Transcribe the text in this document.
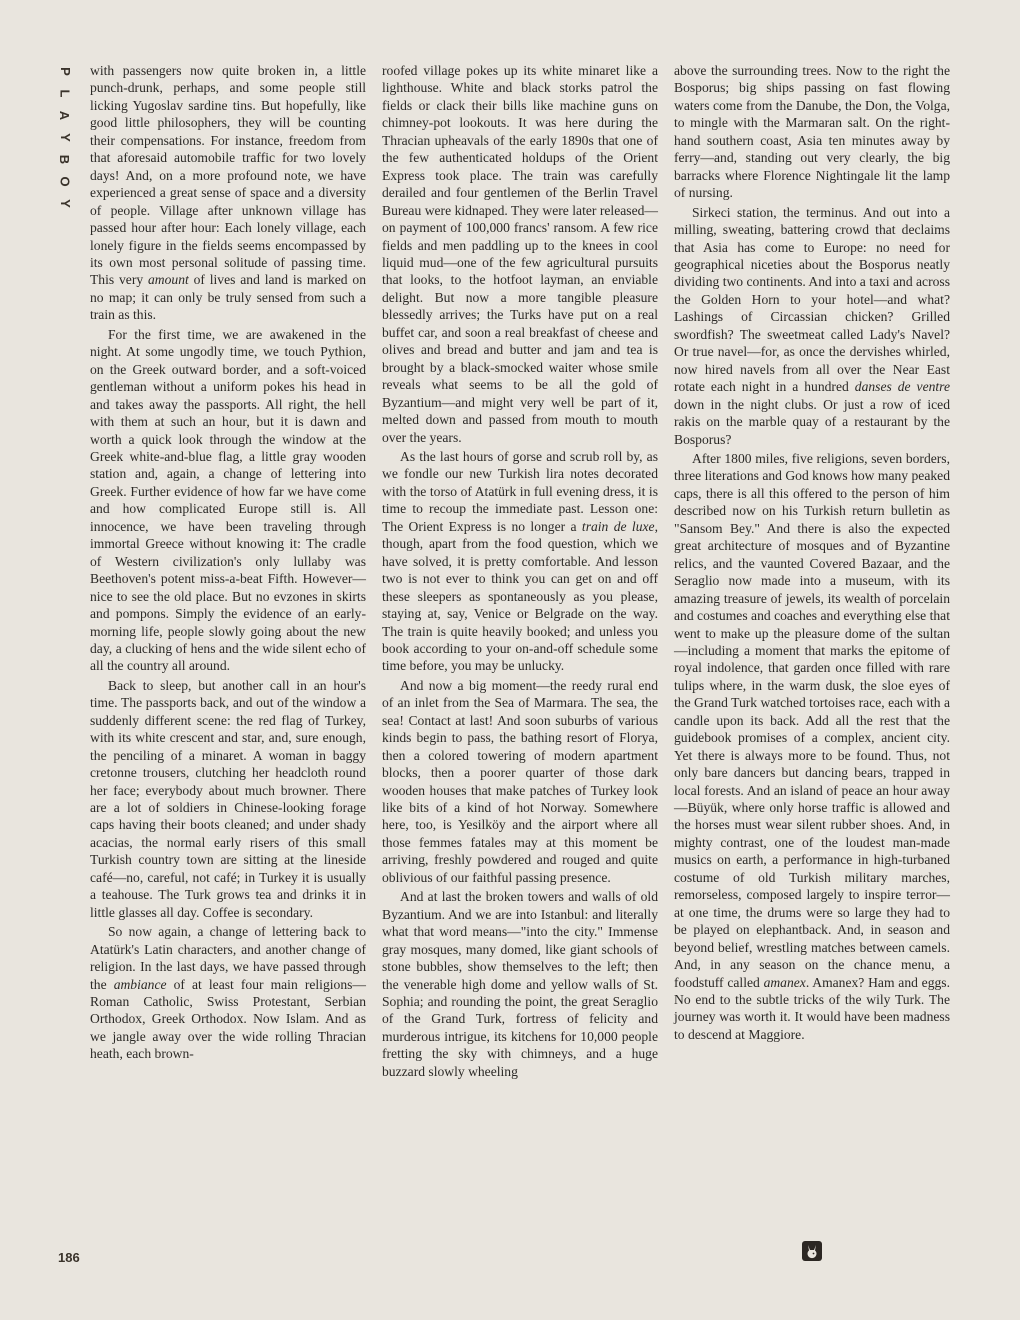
P
L
A
Y
B
O
Y

with passengers now quite broken in, a little punch-drunk, perhaps, and some people still licking Yugoslav sardine tins. But hopefully, like good little philosophers, they will be counting their compensations. For instance, freedom from that aforesaid automobile traffic for two lovely days! And, on a more profound note, we have experienced a great sense of space and a diversity of people. Village after unknown village has passed hour after hour: Each lonely village, each lonely figure in the fields seems encompassed by its own most personal solitude of passing time. This very amount of lives and land is marked on no map; it can only be truly sensed from such a train as this.

For the first time, we are awakened in the night. At some ungodly time, we touch Pythion, on the Greek outward border, and a soft-voiced gentleman without a uniform pokes his head in and takes away the passports. All right, the hell with them at such an hour, but it is dawn and worth a quick look through the window at the Greek white-and-blue flag, a little gray wooden station and, again, a change of lettering into Greek. Further evidence of how far we have come and how complicated Europe still is. All innocence, we have been traveling through immortal Greece without knowing it: The cradle of Western civilization's only lullaby was Beethoven's potent miss-a-beat Fifth. However—nice to see the old place. But no evzones in skirts and pompons. Simply the evidence of an early-morning life, people slowly going about the new day, a clucking of hens and the wide silent echo of all the country all around.

Back to sleep, but another call in an hour's time. The passports back, and out of the window a suddenly different scene: the red flag of Turkey, with its white crescent and star, and, sure enough, the penciling of a minaret. A woman in baggy cretonne trousers, clutching her headcloth round her face; everybody about much browner. There are a lot of soldiers in Chinese-looking forage caps having their boots cleaned; and under shady acacias, the normal early risers of this small Turkish country town are sitting at the lineside café—no, careful, not café; in Turkey it is usually a teahouse. The Turk grows tea and drinks it in little glasses all day. Coffee is secondary.

So now again, a change of lettering back to Atatürk's Latin characters, and another change of religion. In the last days, we have passed through the ambiance of at least four main religions—Roman Catholic, Swiss Protestant, Serbian Orthodox, Greek Orthodox. Now Islam. And as we jangle away over the wide rolling Thracian heath, each brown-

roofed village pokes up its white minaret like a lighthouse. White and black storks patrol the fields or clack their bills like machine guns on chimney-pot lookouts. It was here during the Thracian upheavals of the early 1890s that one of the few authenticated holdups of the Orient Express took place. The train was carefully derailed and four gentlemen of the Berlin Travel Bureau were kidnaped. They were later released—on payment of 100,000 francs' ransom. A few rice fields and men paddling up to the knees in cool liquid mud—one of the few agricultural pursuits that looks, to the hotfoot layman, an enviable delight. But now a more tangible pleasure blessedly arrives; the Turks have put on a real buffet car, and soon a real breakfast of cheese and olives and bread and butter and jam and tea is brought by a black-smocked waiter whose smile reveals what seems to be all the gold of Byzantium—and might very well be part of it, melted down and passed from mouth to mouth over the years.

As the last hours of gorse and scrub roll by, as we fondle our new Turkish lira notes decorated with the torso of Atatürk in full evening dress, it is time to recoup the immediate past. Lesson one: The Orient Express is no longer a train de luxe, though, apart from the food question, which we have solved, it is pretty comfortable. And lesson two is not ever to think you can get on and off these sleepers as spontaneously as you please, staying at, say, Venice or Belgrade on the way. The train is quite heavily booked; and unless you book according to your on-and-off schedule some time before, you may be unlucky.

And now a big moment—the reedy rural end of an inlet from the Sea of Marmara. The sea, the sea! Contact at last! And soon suburbs of various kinds begin to pass, the bathing resort of Florya, then a colored towering of modern apartment blocks, then a poorer quarter of those dark wooden houses that make patches of Turkey look like bits of a kind of hot Norway. Somewhere here, too, is Yesilköy and the airport where all those femmes fatales may at this moment be arriving, freshly powdered and rouged and quite oblivious of our faithful passing presence.

And at last the broken towers and walls of old Byzantium. And we are into Istanbul: and literally what that word means—"into the city." Immense gray mosques, many domed, like giant schools of stone bubbles, show themselves to the left; then the venerable high dome and yellow walls of St. Sophia; and rounding the point, the great Seraglio of the Grand Turk, fortress of felicity and murderous intrigue, its kitchens for 10,000 people fretting the sky with chimneys, and a huge buzzard slowly wheeling

above the surrounding trees. Now to the right the Bosporus; big ships passing on fast flowing waters come from the Danube, the Don, the Volga, to mingle with the Marmaran salt. On the right-hand southern coast, Asia ten minutes away by ferry—and, standing out very clearly, the big barracks where Florence Nightingale lit the lamp of nursing.

Sirkeci station, the terminus. And out into a milling, sweating, battering crowd that declaims that Asia has come to Europe: no need for geographical niceties about the Bosporus neatly dividing two continents. And into a taxi and across the Golden Horn to your hotel—and what? Lashings of Circassian chicken? Grilled swordfish? The sweetmeat called Lady's Navel? Or true navel—for, as once the dervishes whirled, now hired navels from all over the Near East rotate each night in a hundred danses de ventre down in the night clubs. Or just a row of iced rakis on the marble quay of a restaurant by the Bosporus?

After 1800 miles, five religions, seven borders, three literations and God knows how many peaked caps, there is all this offered to the person of him described now on his Turkish return bulletin as "Sansom Bey." And there is also the expected great architecture of mosques and of Byzantine relics, and the vaunted Covered Bazaar, and the Seraglio now made into a museum, with its amazing treasure of jewels, its wealth of porcelain and costumes and coaches and everything else that went to make up the pleasure dome of the sultan—including a moment that marks the epitome of royal indolence, that garden once filled with rare tulips where, in the warm dusk, the sloe eyes of the Grand Turk watched tortoises race, each with a candle upon its back. Add all the rest that the guidebook promises of a complex, ancient city. Yet there is always more to be found. Thus, not only bare dancers but dancing bears, trapped in local forests. And an island of peace an hour away—Büyük, where only horse traffic is allowed and the horses must wear silent rubber shoes. And, in mighty contrast, one of the loudest man-made musics on earth, a performance in high-turbaned costume of old Turkish military marches, remorseless, composed largely to inspire terror—at one time, the drums were so large they had to be played on elephantback. And, in season and beyond belief, wrestling matches between camels. And, in any season on the chance menu, a foodstuff called amanex. Amanex? Ham and eggs. No end to the subtle tricks of the wily Turk. The journey was worth it. It would have been madness to descend at Maggiore.

186
